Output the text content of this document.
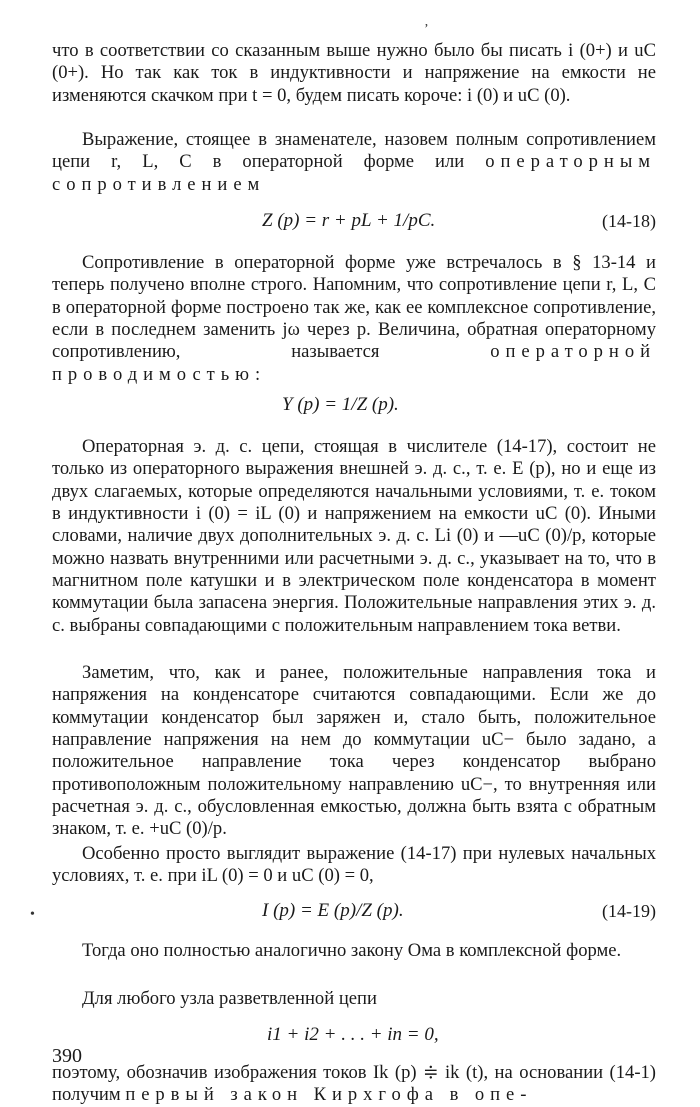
ʼ
•

что в соответствии со сказанным выше нужно было бы писать i (0+) и uC (0+). Но так как ток в индуктивности и напряжение на емкости не изменяются скачком при t = 0, будем писать короче: i (0) и uC (0).

Выражение, стоящее в знаменателе, назовем полным сопротивлением цепи r, L, C в операторной форме или операторным сопротивлением

Z (p) = r + pL + 1/pC.	(14-18)

Сопротивление в операторной форме уже встречалось в § 13-14 и теперь получено вполне строго. Напомним, что сопротивление цепи r, L, C в операторной форме построено так же, как ее комплексное сопротивление, если в последнем заменить jω через p. Величина, обратная операторному сопротивлению, называется	операторной проводимостью:

Y (p) = 1/Z (p).

Операторная э. д. с. цепи, стоящая в числителе (14-17), состоит не только из операторного выражения внешней э. д. с., т. е. E (p), но и еще из двух слагаемых, которые определяются начальными условиями, т. е. током в индуктивности i (0) = iL (0) и напряжением на емкости uC (0). Иными словами, наличие двух дополнительных э. д. с. Li (0) и —uC (0)/p, которые можно назвать внутренними или расчетными э. д. с., указывает на то, что в магнитном поле катушки и в электрическом поле конденсатора в момент коммутации была запасена энергия. Положительные направления этих э. д. с. выбраны совпадающими с положительным направлением тока ветви.

Заметим, что, как и ранее, положительные направления тока и напряжения на конденсаторе считаются совпадающими. Если же до коммутации конденсатор был заряжен и, стало быть, положительное направление напряжения на нем до коммутации uC− было задано, а положительное направление тока через конденсатор выбрано противоположным положительному направлению uC−, то внутренняя или расчетная э. д. с., обусловленная емкостью, должна быть взята с обратным знаком, т. е. +uC (0)/p.

Особенно просто выглядит выражение (14-17) при нулевых начальных условиях, т. е. при iL (0) = 0 и uC (0) = 0,

I (p) = E (p)/Z (p).	(14-19)

Тогда оно полностью аналогично закону Ома в комплексной форме.

Для любого узла разветвленной цепи

i1 + i2 + . . . + in = 0,

поэтому, обозначив изображения токов Ik (p) ≑ ik (t), на основании (14-1) получим первый закон Кирхгофа в опе-

390
